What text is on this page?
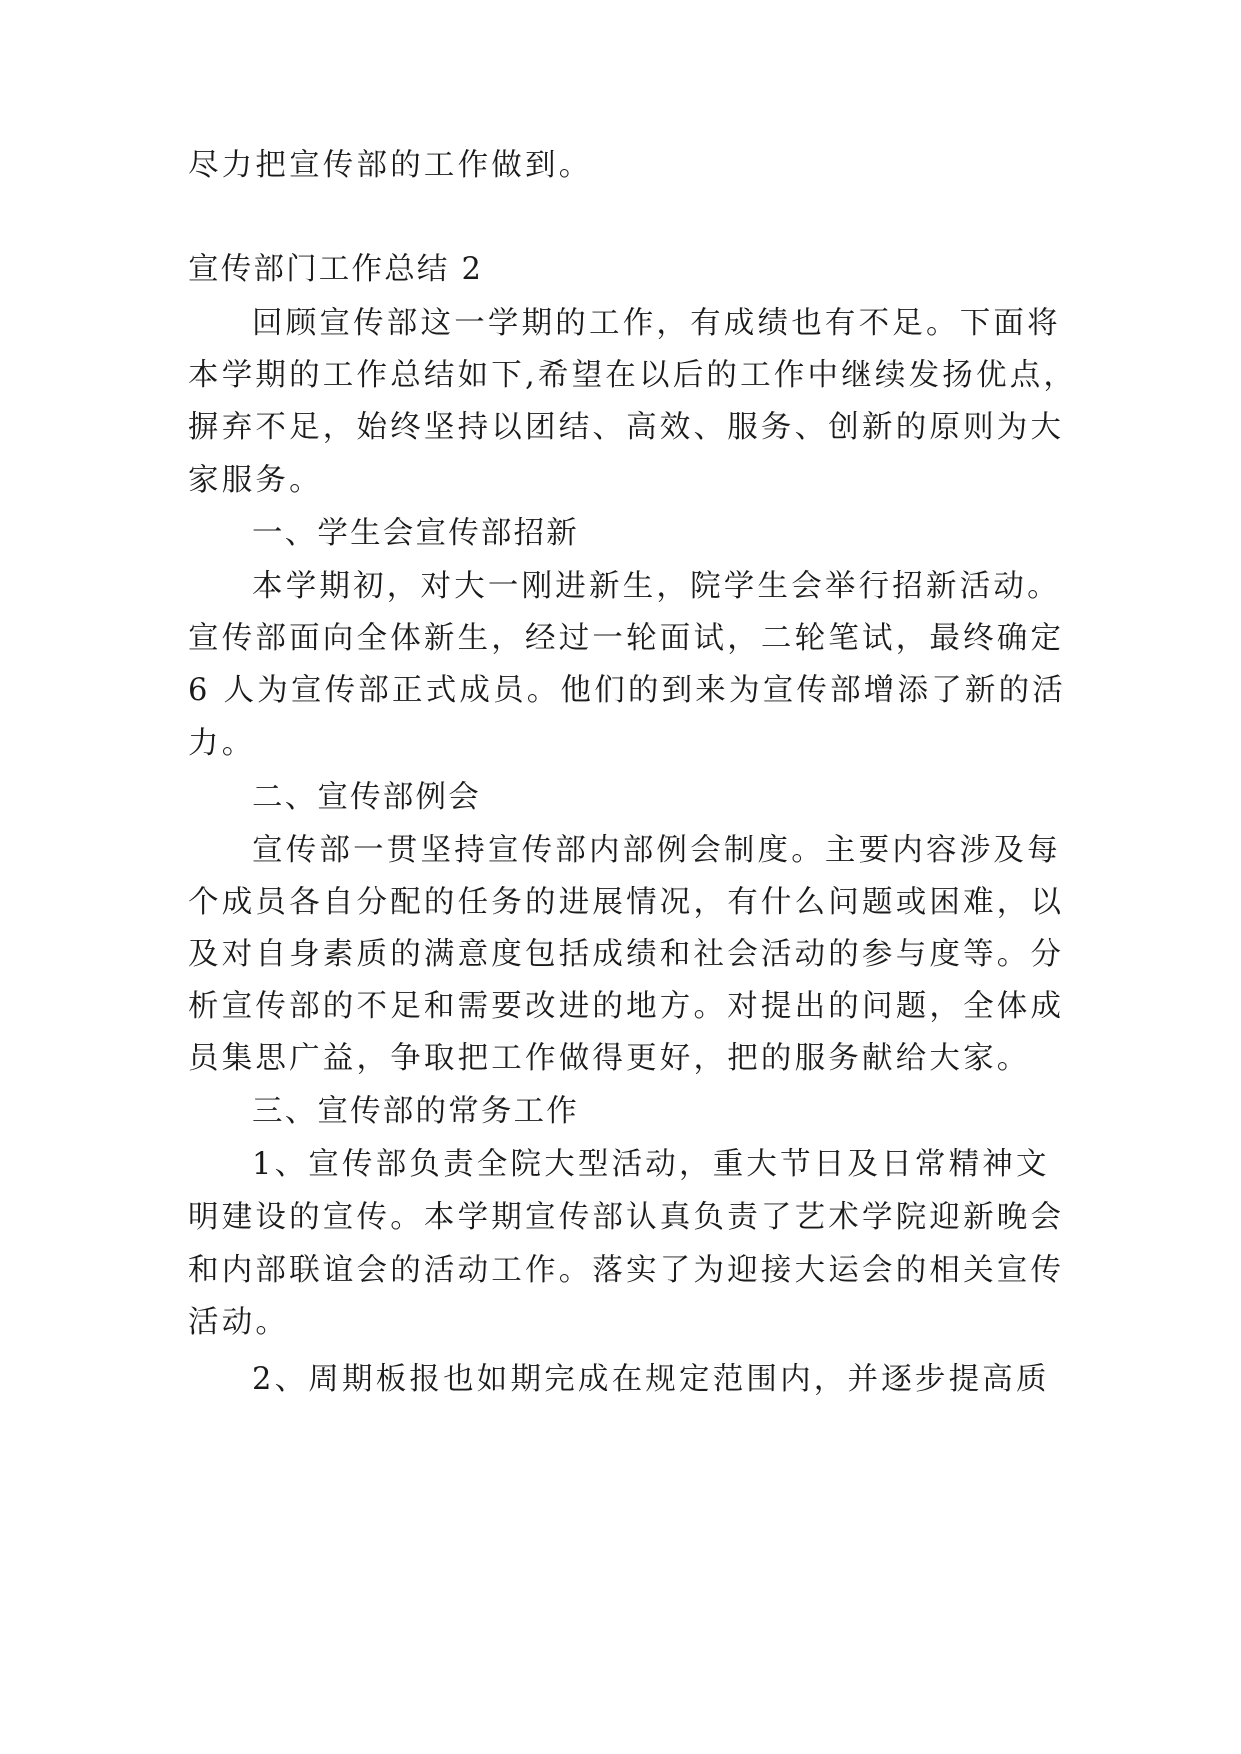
尽力把宣传部的工作做到。

宣传部门工作总结 2

回顾宣传部这一学期的工作，有成绩也有不足。下面将

本学期的工作总结如下,希望在以后的工作中继续发扬优点，

摒弃不足，始终坚持以团结、高效、服务、创新的原则为大

家服务。

一、学生会宣传部招新

本学期初，对大一刚进新生，院学生会举行招新活动。

宣传部面向全体新生，经过一轮面试，二轮笔试，最终确定

6 人为宣传部正式成员。他们的到来为宣传部增添了新的活

力。

二、宣传部例会

宣传部一贯坚持宣传部内部例会制度。主要内容涉及每

个成员各自分配的任务的进展情况，有什么问题或困难，以

及对自身素质的满意度包括成绩和社会活动的参与度等。分

析宣传部的不足和需要改进的地方。对提出的问题，全体成

员集思广益，争取把工作做得更好，把的服务献给大家。

三、宣传部的常务工作

1、宣传部负责全院大型活动，重大节日及日常精神文

明建设的宣传。本学期宣传部认真负责了艺术学院迎新晚会

和内部联谊会的活动工作。落实了为迎接大运会的相关宣传

活动。

2、周期板报也如期完成在规定范围内，并逐步提高质
